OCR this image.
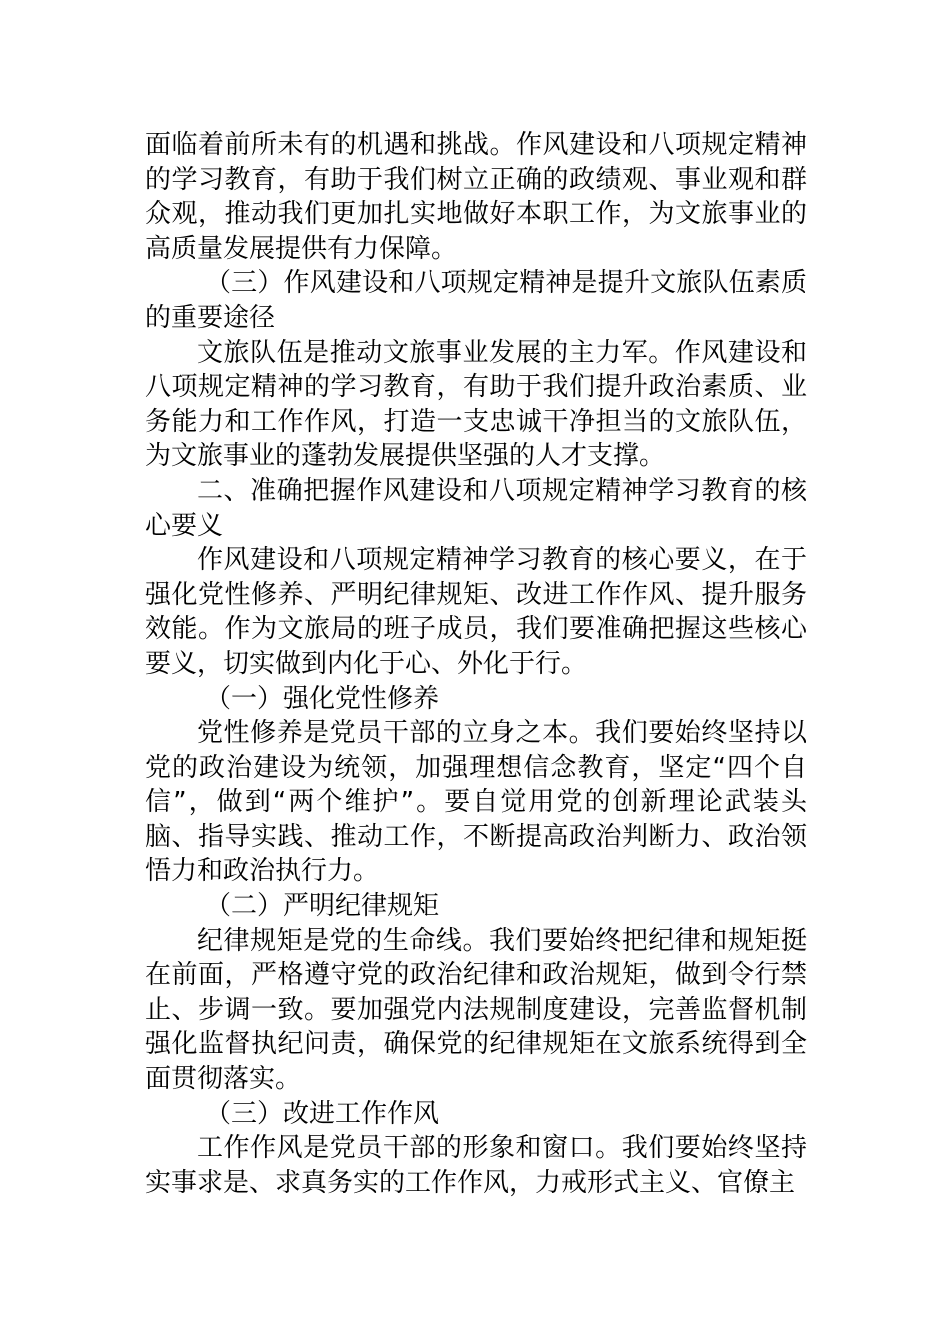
面临着前所未有的机遇和挑战。作风建设和八项规定精神的学习教育，有助于我们树立正确的政绩观、事业观和群众观，推动我们更加扎实地做好本职工作，为文旅事业的高质量发展提供有力保障。

（三）作风建设和八项规定精神是提升文旅队伍素质的重要途径

文旅队伍是推动文旅事业发展的主力军。作风建设和八项规定精神的学习教育，有助于我们提升政治素质、业务能力和工作作风，打造一支忠诚干净担当的文旅队伍，为文旅事业的蓬勃发展提供坚强的人才支撑。

二、准确把握作风建设和八项规定精神学习教育的核心要义

作风建设和八项规定精神学习教育的核心要义，在于强化党性修养、严明纪律规矩、改进工作作风、提升服务效能。作为文旅局的班子成员，我们要准确把握这些核心要义，切实做到内化于心、外化于行。

（一）强化党性修养

党性修养是党员干部的立身之本。我们要始终坚持以党的政治建设为统领，加强理想信念教育，坚定“四个自信”，做到“两个维护”。要自觉用党的创新理论武装头脑、指导实践、推动工作，不断提高政治判断力、政治领悟力和政治执行力。

（二）严明纪律规矩

纪律规矩是党的生命线。我们要始终把纪律和规矩挺在前面，严格遵守党的政治纪律和政治规矩，做到令行禁止、步调一致。要加强党内法规制度建设，完善监督机制强化监督执纪问责，确保党的纪律规矩在文旅系统得到全面贯彻落实。

（三）改进工作作风

工作作风是党员干部的形象和窗口。我们要始终坚持实事求是、求真务实的工作作风，力戒形式主义、官僚主
